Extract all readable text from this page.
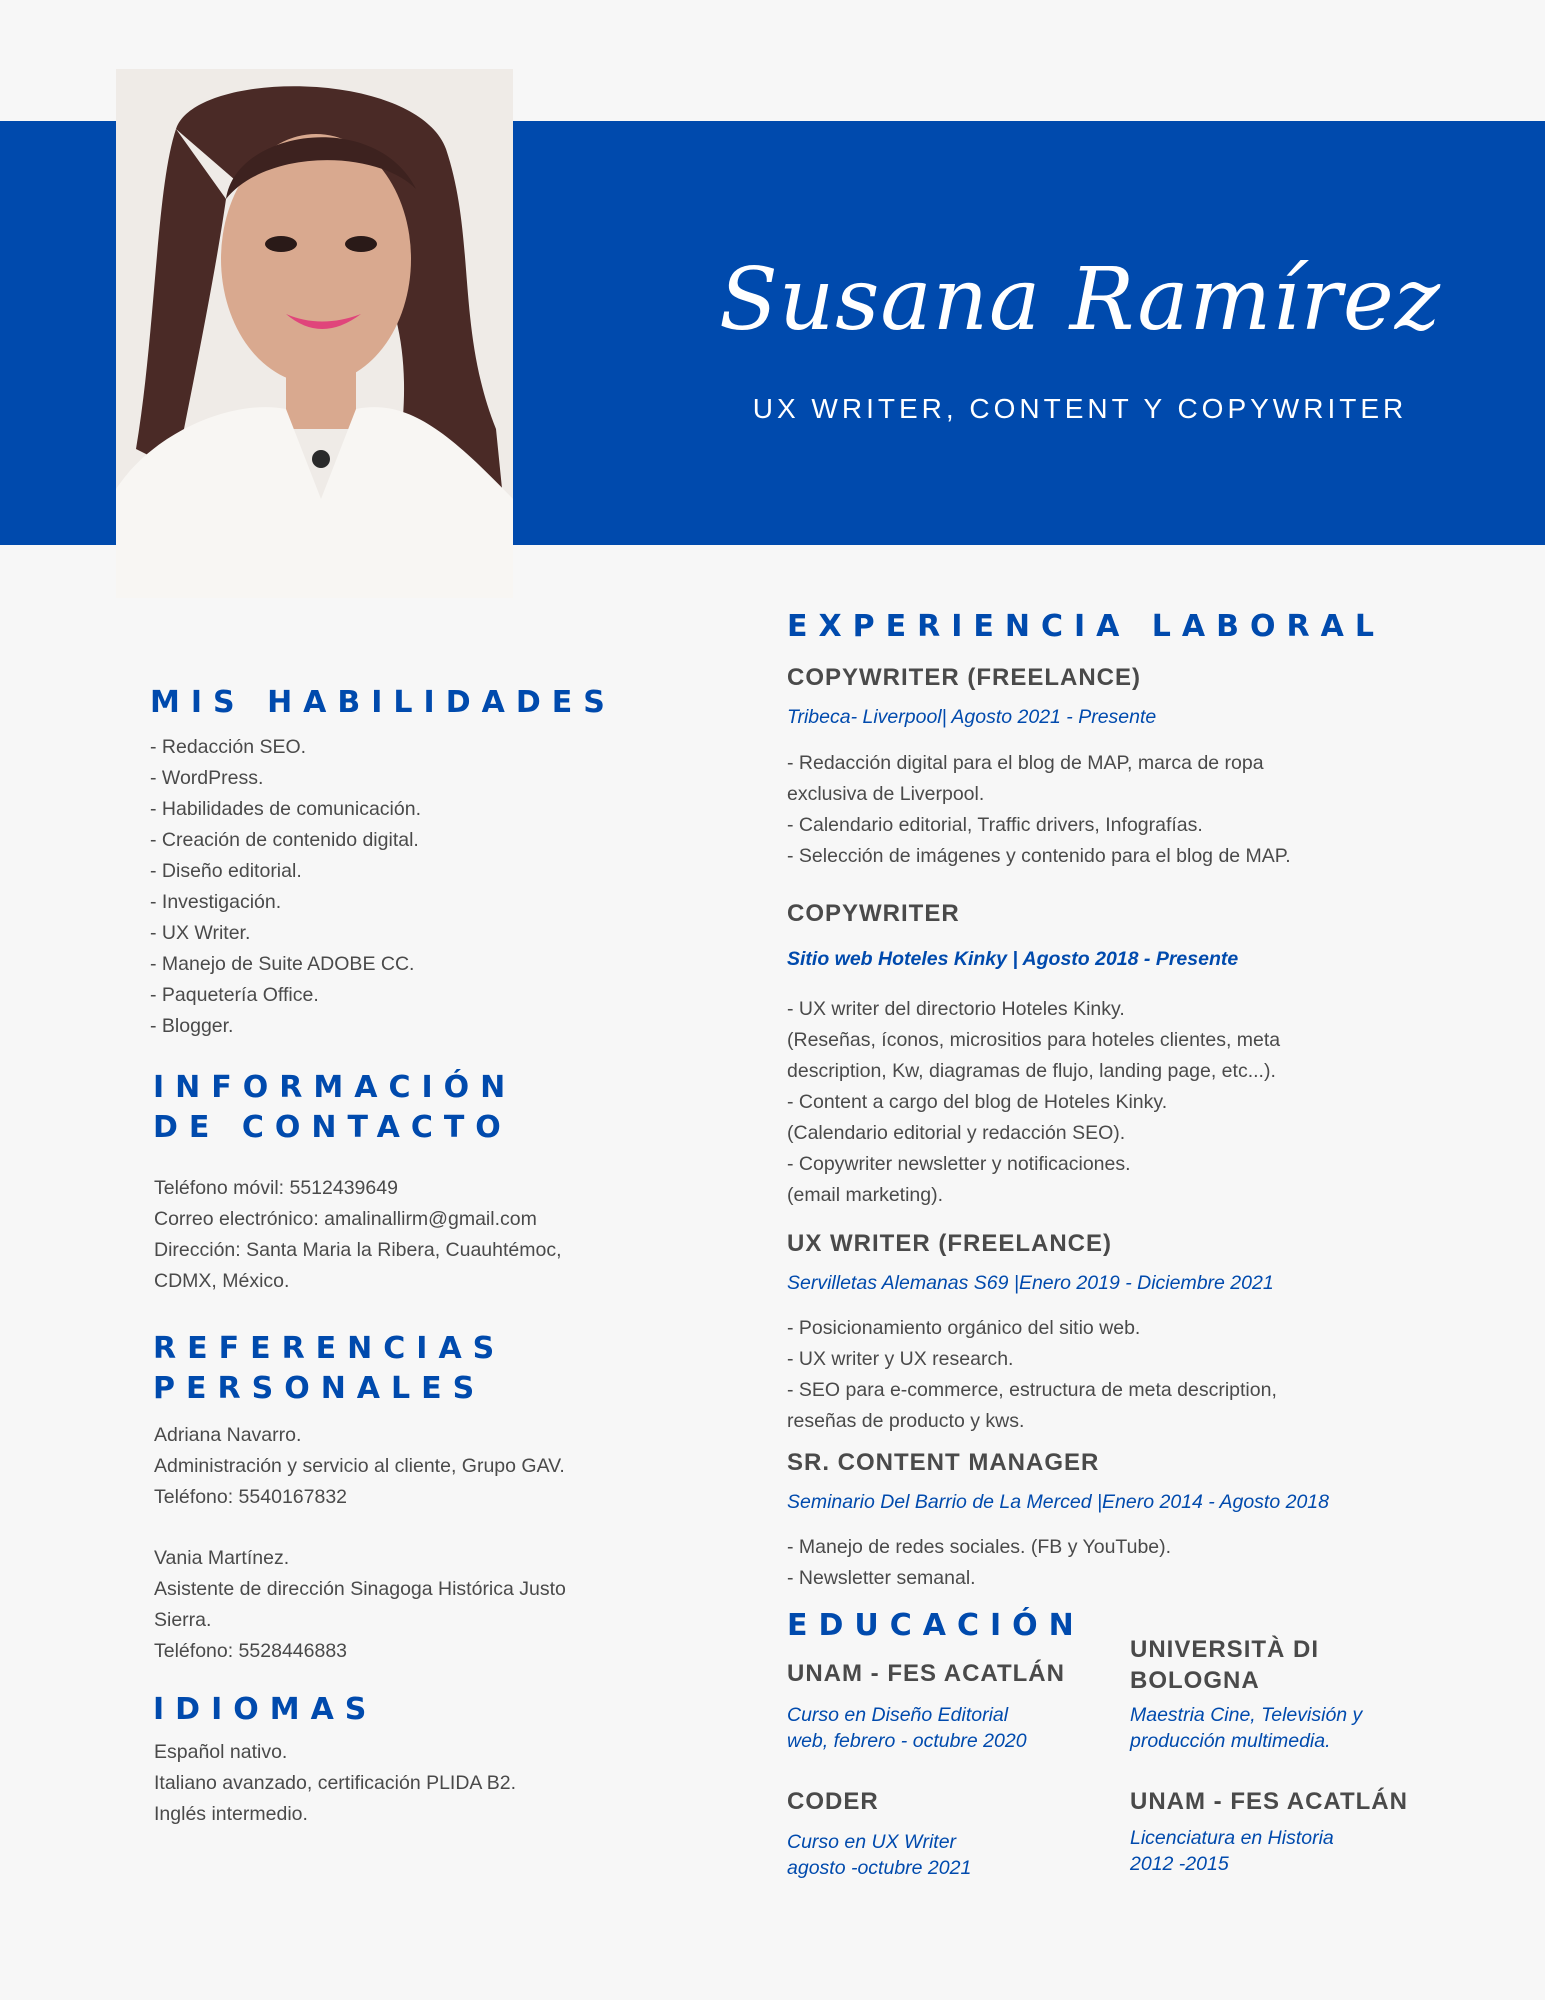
Susana Ramírez
UX WRITER, CONTENT Y COPYWRITER
MIS HABILIDADES
- Redacción SEO.
- WordPress.
- Habilidades de comunicación.
- Creación de contenido digital.
- Diseño editorial.
- Investigación.
- UX Writer.
- Manejo de Suite ADOBE CC.
- Paquetería Office.
- Blogger.
INFORMACIÓN
DE CONTACTO
Teléfono móvil: 5512439649
Correo electrónico: amalinallirm@gmail.com
Dirección: Santa Maria la Ribera, Cuauhtémoc,
CDMX, México.
REFERENCIAS
PERSONALES
Adriana Navarro.
Administración y servicio al cliente, Grupo GAV.
Teléfono: 5540167832
Vania Martínez.
Asistente de dirección Sinagoga Histórica Justo
Sierra.
Teléfono: 5528446883
IDIOMAS
Español nativo.
Italiano avanzado, certificación PLIDA B2.
Inglés intermedio.
EXPERIENCIA LABORAL
COPYWRITER (FREELANCE)
Tribeca- Liverpool| Agosto 2021 - Presente
- Redacción digital para el blog de MAP, marca de ropa
exclusiva de Liverpool.
- Calendario editorial, Traffic drivers, Infografías.
- Selección de imágenes y contenido para el blog de MAP.
COPYWRITER
Sitio web Hoteles Kinky | Agosto 2018 - Presente
- UX writer del directorio Hoteles Kinky.
(Reseñas, íconos, micrositios para hoteles clientes, meta
description, Kw, diagramas de flujo, landing page, etc...).
- Content a cargo del blog de Hoteles Kinky.
(Calendario editorial y redacción SEO).
- Copywriter newsletter y notificaciones.
(email marketing).
UX WRITER (FREELANCE)
Servilletas Alemanas S69 |Enero 2019 - Diciembre 2021
- Posicionamiento orgánico del sitio web.
- UX writer y UX research.
- SEO para e-commerce, estructura de meta description,
reseñas de producto y kws.
SR. CONTENT MANAGER
Seminario Del Barrio de La Merced |Enero 2014 - Agosto 2018
- Manejo de redes sociales. (FB y YouTube).
- Newsletter semanal.
EDUCACIÓN
UNAM - FES ACATLÁN
Curso en Diseño Editorial
web, febrero - octubre 2020
CODER
Curso en UX Writer
agosto -octubre 2021
UNIVERSITÀ DI
BOLOGNA
Maestria Cine, Televisión y
producción multimedia.
UNAM - FES ACATLÁN
Licenciatura en Historia
2012 -2015
